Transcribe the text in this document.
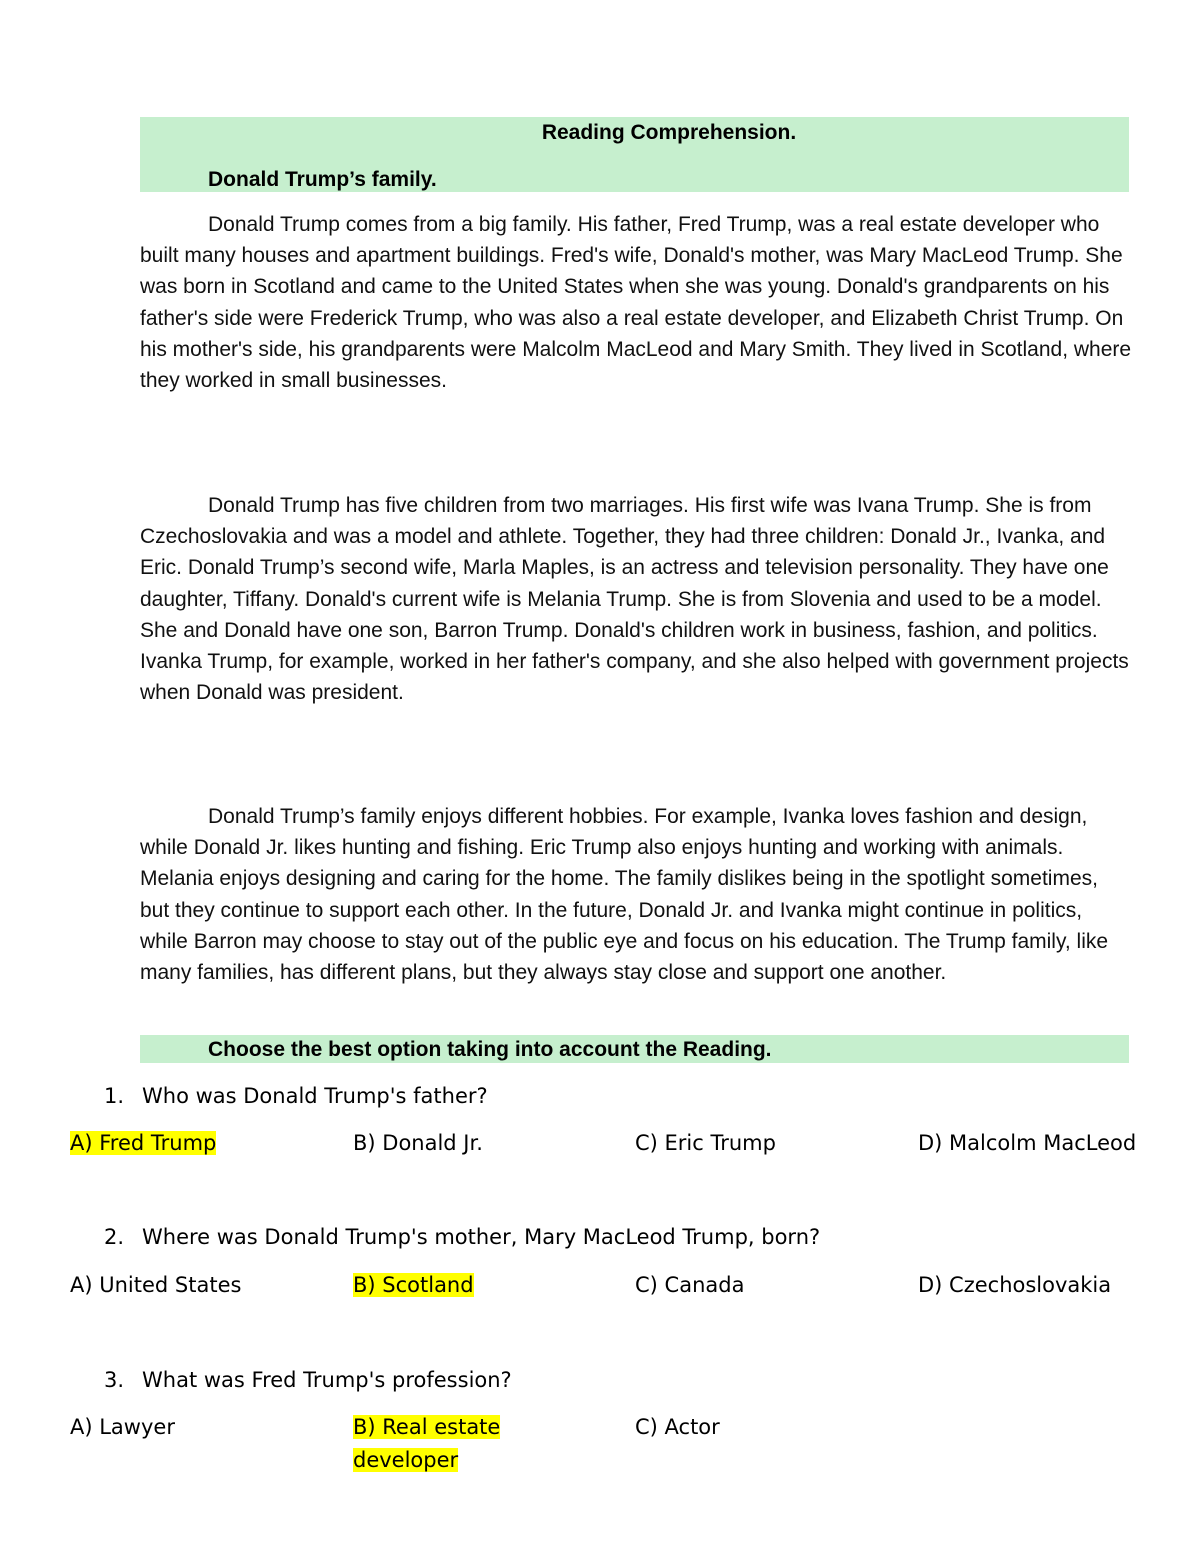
Reading Comprehension.

Donald Trump’s family.

Donald Trump comes from a big family. His father, Fred Trump, was a real estate developer who built many houses and apartment buildings. Fred's wife, Donald's mother, was Mary MacLeod Trump. She was born in Scotland and came to the United States when she was young. Donald's grandparents on his father's side were Frederick Trump, who was also a real estate developer, and Elizabeth Christ Trump. On his mother's side, his grandparents were Malcolm MacLeod and Mary Smith. They lived in Scotland, where they worked in small businesses.

Donald Trump has five children from two marriages. His first wife was Ivana Trump. She is from Czechoslovakia and was a model and athlete. Together, they had three children: Donald Jr., Ivanka, and Eric. Donald Trump’s second wife, Marla Maples, is an actress and television personality. They have one daughter, Tiffany. Donald's current wife is Melania Trump. She is from Slovenia and used to be a model. She and Donald have one son, Barron Trump. Donald's children work in business, fashion, and politics. Ivanka Trump, for example, worked in her father's company, and she also helped with government projects when Donald was president.

Donald Trump’s family enjoys different hobbies. For example, Ivanka loves fashion and design, while Donald Jr. likes hunting and fishing. Eric Trump also enjoys hunting and working with animals. Melania enjoys designing and caring for the home. The family dislikes being in the spotlight sometimes, but they continue to support each other. In the future, Donald Jr. and Ivanka might continue in politics, while Barron may choose to stay out of the public eye and focus on his education. The Trump family, like many families, has different plans, but they always stay close and support one another.

Choose the best option taking into account the Reading.

1. Who was Donald Trump's father?

A) Fred Trump	B) Donald Jr.	C) Eric Trump	D) Malcolm MacLeod

2. Where was Donald Trump's mother, Mary MacLeod Trump, born?

A) United States	B) Scotland	C) Canada	D) Czechoslovakia

3. What was Fred Trump's profession?

A) Lawyer	B) Real estate developer

C) Actor
